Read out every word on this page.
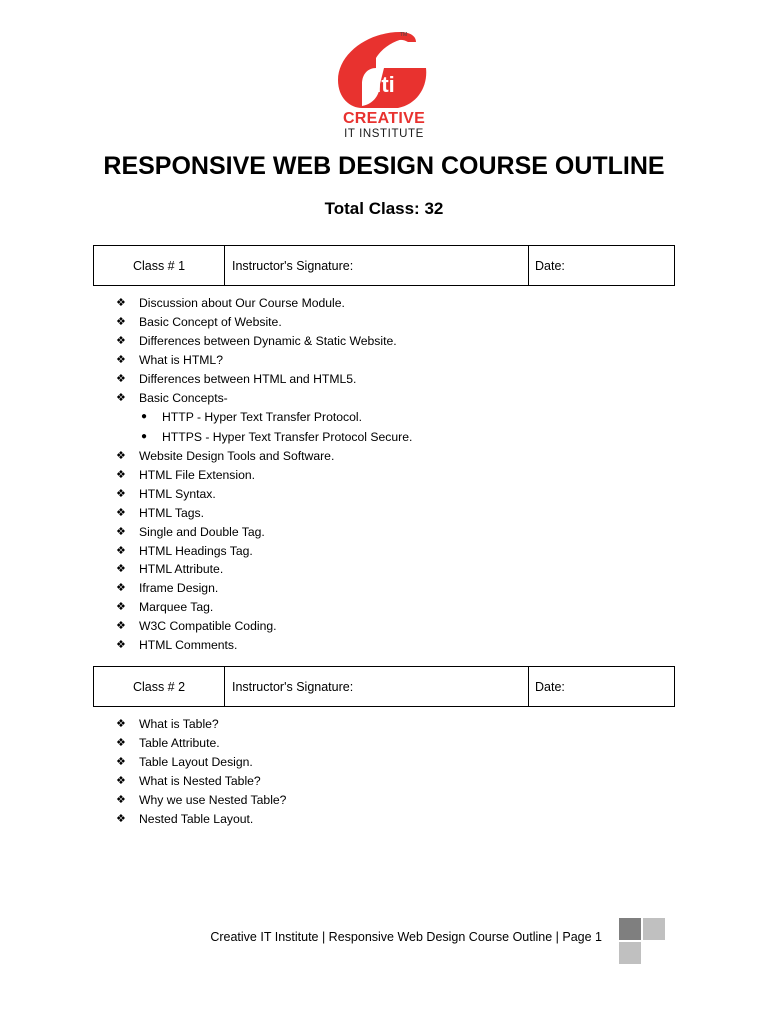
iti
TM
CREATIVE
IT INSTITUTE
RESPONSIVE WEB DESIGN COURSE OUTLINE
Total Class: 32
Class # 1	Instructor's Signature:	Date:
❖ Discussion about Our Course Module.
❖ Basic Concept of Website.
❖ Differences between Dynamic & Static Website.
❖ What is HTML?
❖ Differences between HTML and HTML5.
❖ Basic Concepts-
●	HTTP - Hyper Text Transfer Protocol.
●	HTTPS - Hyper Text Transfer Protocol Secure.
❖ Website Design Tools and Software.
❖ HTML File Extension.
❖ HTML Syntax.
❖ HTML Tags.
❖ Single and Double Tag.
❖ HTML Headings Tag.
❖ HTML Attribute.
❖ Iframe Design.
❖ Marquee Tag.
❖ W3C Compatible Coding.
❖ HTML Comments.
Class # 2	Instructor's Signature:	Date:
❖ What is Table?
❖ Table Attribute.
❖ Table Layout Design.
❖ What is Nested Table?
❖ Why we use Nested Table?
❖ Nested Table Layout.
Creative IT Institute | Responsive Web Design Course Outline | Page 1
